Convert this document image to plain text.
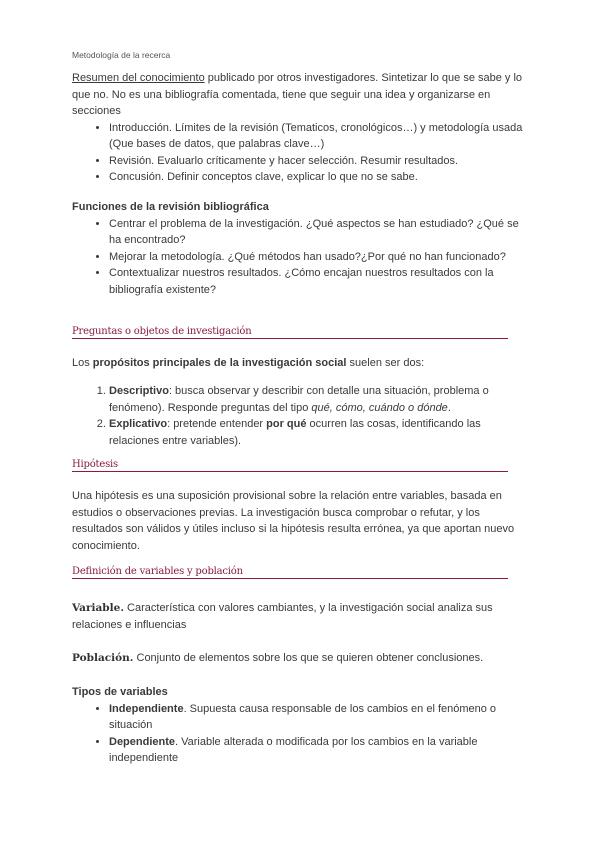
Metodología de la recerca
Resumen del conocimiento publicado por otros investigadores. Sintetizar lo que se sabe y lo que no. No es una bibliografía comentada, tiene que seguir una idea y organizarse en secciones
• Introducción. Límites de la revisión (Tematicos, cronológicos…) y metodología usada (Que bases de datos, que palabras clave…)
• Revisión. Evaluarlo críticamente y hacer selección. Resumir resultados.
• Concusión. Definir conceptos clave, explicar lo que no se sabe.
Funciones de la revisión bibliográfica
• Centrar el problema de la investigación. ¿Qué aspectos se han estudiado? ¿Qué se ha encontrado?
• Mejorar la metodología. ¿Qué métodos han usado?¿Por qué no han funcionado?
• Contextualizar nuestros resultados. ¿Cómo encajan nuestros resultados con la bibliografía existente?
Preguntas o objetos de investigación
Los propósitos principales de la investigación social suelen ser dos:
1. Descriptivo: busca observar y describir con detalle una situación, problema o fenómeno). Responde preguntas del tipo qué, cómo, cuándo o dónde.
2. Explicativo: pretende entender por qué ocurren las cosas, identificando las relaciones entre variables).
Hipótesis
Una hipótesis es una suposición provisional sobre la relación entre variables, basada en estudios o observaciones previas. La investigación busca comprobar o refutar, y los resultados son válidos y útiles incluso si la hipótesis resulta errónea, ya que aportan nuevo conocimiento.
Definición de variables y población
Variable. Característica con valores cambiantes, y la investigación social analiza sus relaciones e influencias
Población. Conjunto de elementos sobre los que se quieren obtener conclusiones.
Tipos de variables
• Independiente. Supuesta causa responsable de los cambios en el fenómeno o situación
• Dependiente. Variable alterada o modificada por los cambios en la variable independiente
